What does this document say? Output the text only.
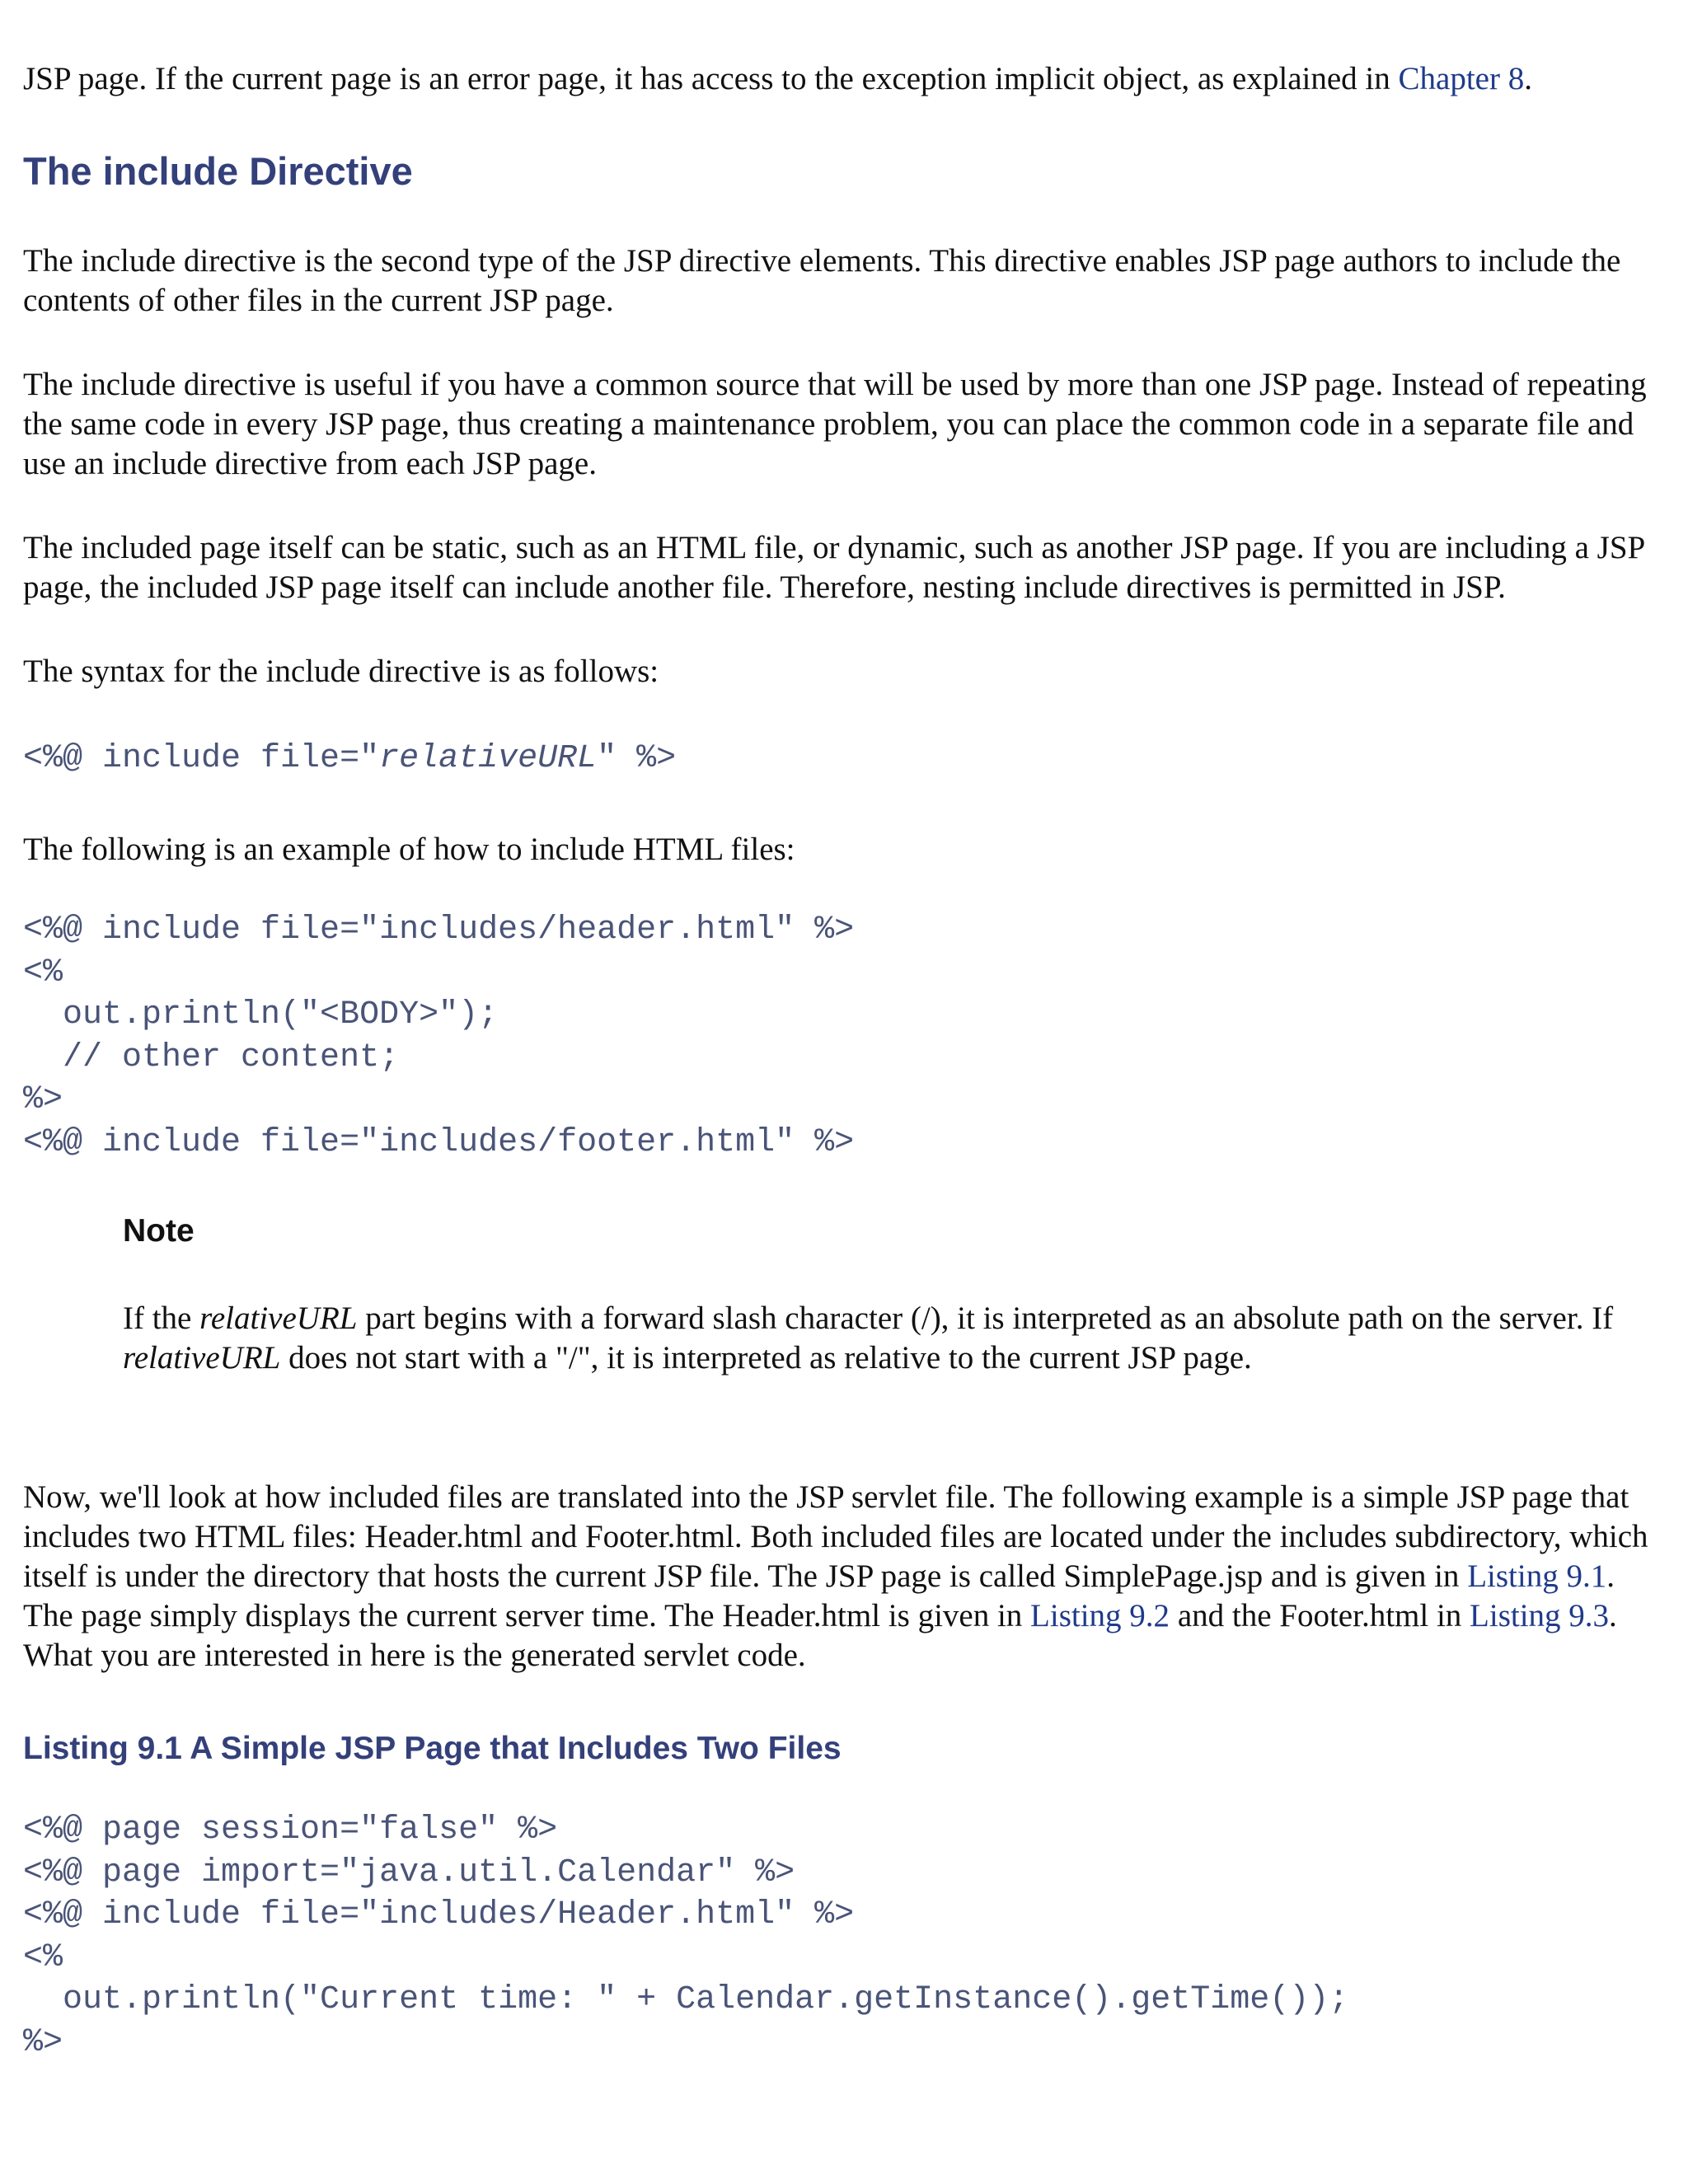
JSP page. If the current page is an error page, it has access to the exception implicit object, as explained in Chapter 8.

The include Directive

The include directive is the second type of the JSP directive elements. This directive enables JSP page authors to include the contents of other files in the current JSP page.

The include directive is useful if you have a common source that will be used by more than one JSP page. Instead of repeating the same code in every JSP page, thus creating a maintenance problem, you can place the common code in a separate file and use an include directive from each JSP page.

The included page itself can be static, such as an HTML file, or dynamic, such as another JSP page. If you are including a JSP page, the included JSP page itself can include another file. Therefore, nesting include directives is permitted in JSP.

The syntax for the include directive is as follows:

<%@ include file="relativeURL" %>

The following is an example of how to include HTML files:

<%@ include file="includes/header.html" %>
<%
out.println("<BODY>");
// other content;
%>
<%@ include file="includes/footer.html" %>

Note

If the relativeURL part begins with a forward slash character (/), it is interpreted as an absolute path on the server. If relativeURL does not start with a "/", it is interpreted as relative to the current JSP page.

Now, we'll look at how included files are translated into the JSP servlet file. The following example is a simple JSP page that includes two HTML files: Header.html and Footer.html. Both included files are located under the includes subdirectory, which itself is under the directory that hosts the current JSP file. The JSP page is called SimplePage.jsp and is given in Listing 9.1. The page simply displays the current server time. The Header.html is given in Listing 9.2 and the Footer.html in Listing 9.3. What you are interested in here is the generated servlet code.

Listing 9.1 A Simple JSP Page that Includes Two Files
<%@ page session="false" %>
<%@ page import="java.util.Calendar" %>
<%@ include file="includes/Header.html" %>
<%
out.println("Current time: " + Calendar.getInstance().getTime());
%>
